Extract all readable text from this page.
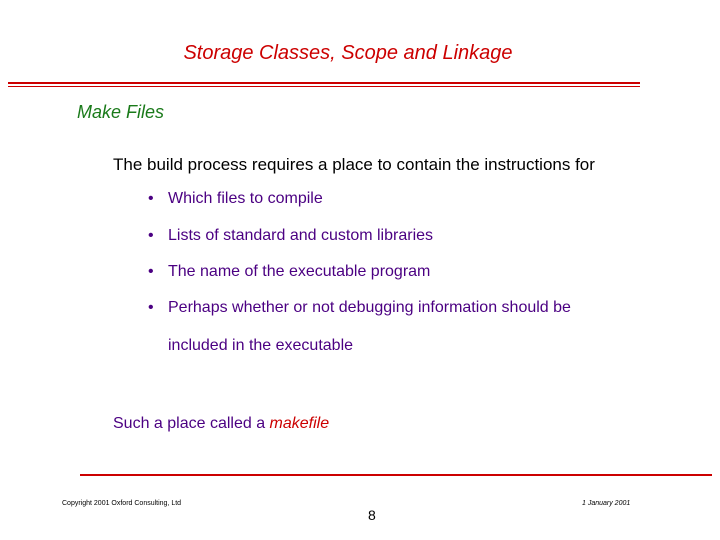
Storage Classes, Scope and Linkage
Make Files
The build process requires a place to contain the instructions for
• Which files to compile
• Lists of standard and custom libraries
• The name of the executable program
• Perhaps whether or not debugging information should be
included in the executable
Such a place called a makefile
Copyright 2001 Oxford Consulting, Ltd
8
1 January 2001
